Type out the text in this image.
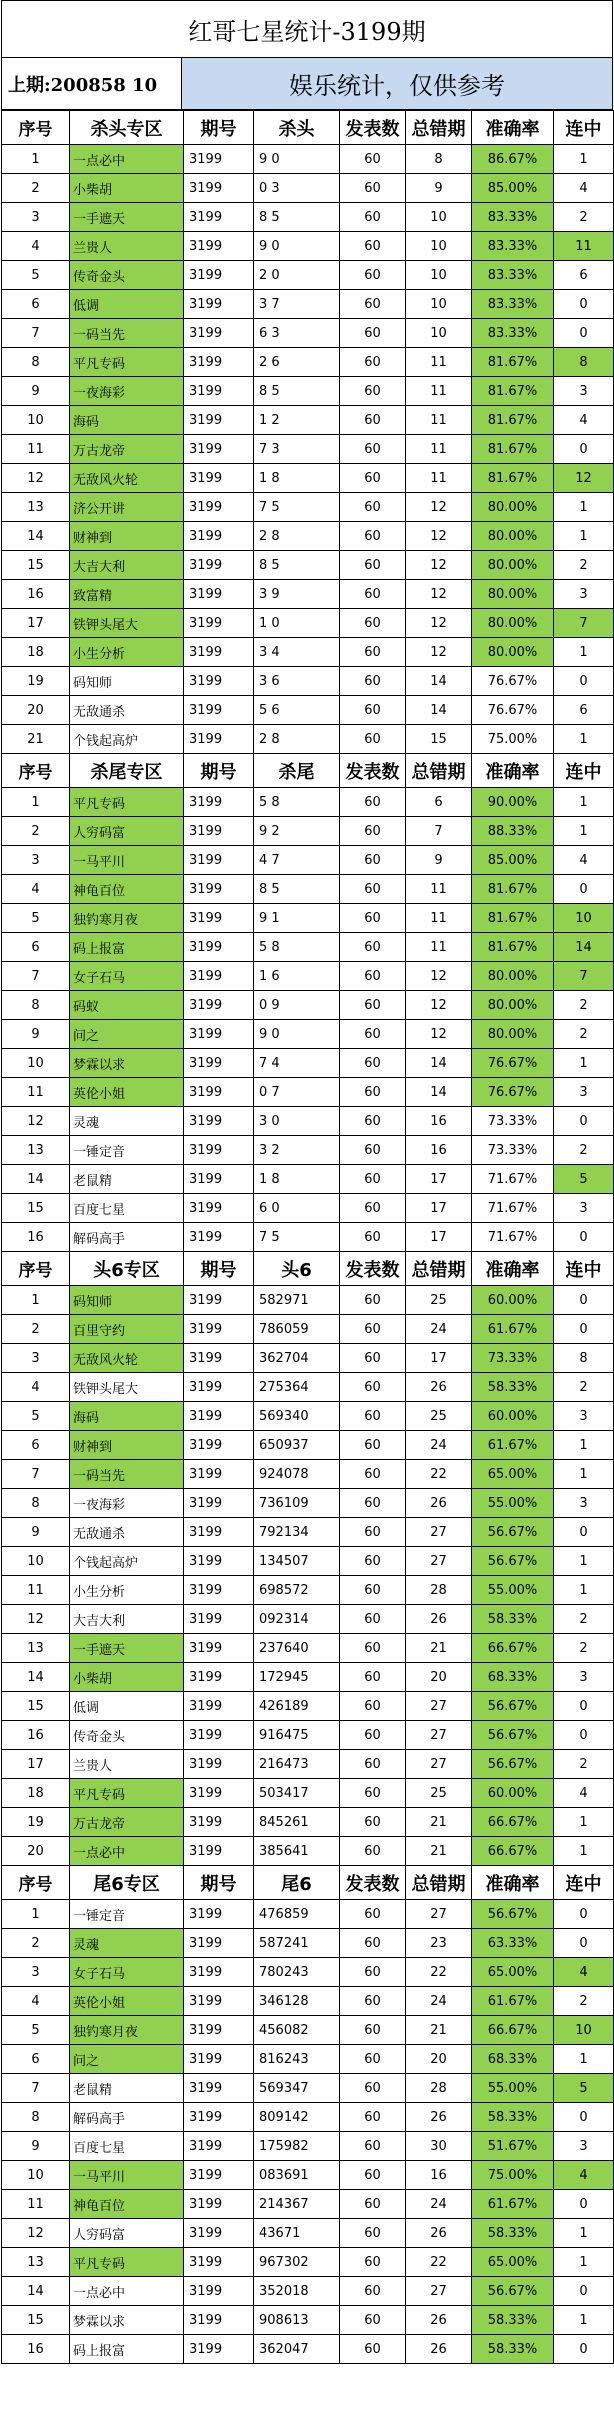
红哥七星统计-3199期
上期:200858 10	娱乐统计，仅供参考
序号	杀头专区	期号	杀头	发表数	总错期	准确率	连中
1	一点必中	3199	9 0	60	8	86.67%	1
2	小柴胡	3199	0 3	60	9	85.00%	4
3	一手遮天	3199	8 5	60	10	83.33%	2
4	兰贵人	3199	9 0	60	10	83.33%	11
5	传奇金头	3199	2 0	60	10	83.33%	6
6	低调	3199	3 7	60	10	83.33%	0
7	一码当先	3199	6 3	60	10	83.33%	0
8	平凡专码	3199	2 6	60	11	81.67%	8
9	一夜海彩	3199	8 5	60	11	81.67%	3
10	海码	3199	1 2	60	11	81.67%	4
11	万古龙帝	3199	7 3	60	11	81.67%	0
12	无敌风火轮	3199	1 8	60	11	81.67%	12
13	济公开讲	3199	7 5	60	12	80.00%	1
14	财神到	3199	2 8	60	12	80.00%	1
15	大吉大利	3199	8 5	60	12	80.00%	2
16	致富精	3199	3 9	60	12	80.00%	3
17	铁钾头尾大	3199	1 0	60	12	80.00%	7
18	小生分析	3199	3 4	60	12	80.00%	1
19	码知师	3199	3 6	60	14	76.67%	0
20	无敌通杀	3199	5 6	60	14	76.67%	6
21	个钱起高炉	3199	2 8	60	15	75.00%	1
序号	杀尾专区	期号	杀尾	发表数	总错期	准确率	连中
1	平凡专码	3199	5 8	60	6	90.00%	1
2	人穷码富	3199	9 2	60	7	88.33%	1
3	一马平川	3199	4 7	60	9	85.00%	4
4	神龟百位	3199	8 5	60	11	81.67%	0
5	独钓寒月夜	3199	9 1	60	11	81.67%	10
6	码上报富	3199	5 8	60	11	81.67%	14
7	女子石马	3199	1 6	60	12	80.00%	7
8	码蚁	3199	0 9	60	12	80.00%	2
9	问之	3199	9 0	60	12	80.00%	2
10	梦霖以求	3199	7 4	60	14	76.67%	1
11	英伦小姐	3199	0 7	60	14	76.67%	3
12	灵魂	3199	3 0	60	16	73.33%	0
13	一锤定音	3199	3 2	60	16	73.33%	2
14	老鼠精	3199	1 8	60	17	71.67%	5
15	百度七星	3199	6 0	60	17	71.67%	3
16	解码高手	3199	7 5	60	17	71.67%	0
序号	头6专区	期号	头6	发表数	总错期	准确率	连中
1	码知师	3199	582971	60	25	60.00%	0
2	百里守约	3199	786059	60	24	61.67%	0
3	无敌风火轮	3199	362704	60	17	73.33%	8
4	铁钾头尾大	3199	275364	60	26	58.33%	2
5	海码	3199	569340	60	25	60.00%	3
6	财神到	3199	650937	60	24	61.67%	1
7	一码当先	3199	924078	60	22	65.00%	1
8	一夜海彩	3199	736109	60	26	55.00%	3
9	无敌通杀	3199	792134	60	27	56.67%	0
10	个钱起高炉	3199	134507	60	27	56.67%	1
11	小生分析	3199	698572	60	28	55.00%	1
12	大吉大利	3199	092314	60	26	58.33%	2
13	一手遮天	3199	237640	60	21	66.67%	2
14	小柴胡	3199	172945	60	20	68.33%	3
15	低调	3199	426189	60	27	56.67%	0
16	传奇金头	3199	916475	60	27	56.67%	0
17	兰贵人	3199	216473	60	27	56.67%	2
18	平凡专码	3199	503417	60	25	60.00%	4
19	万古龙帝	3199	845261	60	21	66.67%	1
20	一点必中	3199	385641	60	21	66.67%	1
序号	尾6专区	期号	尾6	发表数	总错期	准确率	连中
1	一锤定音	3199	476859	60	27	56.67%	0
2	灵魂	3199	587241	60	23	63.33%	0
3	女子石马	3199	780243	60	22	65.00%	4
4	英伦小姐	3199	346128	60	24	61.67%	2
5	独钓寒月夜	3199	456082	60	21	66.67%	10
6	问之	3199	816243	60	20	68.33%	1
7	老鼠精	3199	569347	60	28	55.00%	5
8	解码高手	3199	809142	60	26	58.33%	0
9	百度七星	3199	175982	60	30	51.67%	3
10	一马平川	3199	083691	60	16	75.00%	4
11	神龟百位	3199	214367	60	24	61.67%	0
12	人穷码富	3199	43671	60	26	58.33%	1
13	平凡专码	3199	967302	60	22	65.00%	1
14	一点必中	3199	352018	60	27	56.67%	0
15	梦霖以求	3199	908613	60	26	58.33%	1
16	码上报富	3199	362047	60	26	58.33%	0
